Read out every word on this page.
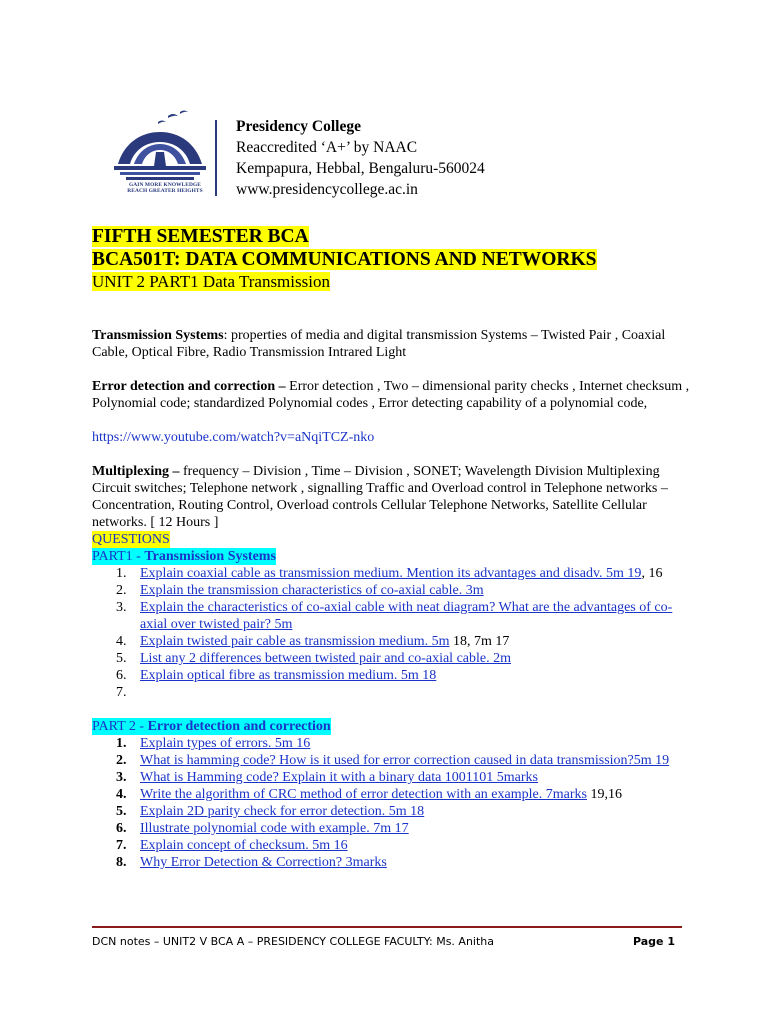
GAIN MORE KNOWLEDGE
REACH GREATER HEIGHTS
Presidency College
Reaccredited ‘A+’ by NAAC
Kempapura, Hebbal, Bengaluru-560024
www.presidencycollege.ac.in
FIFTH SEMESTER BCA
BCA501T: DATA COMMUNICATIONS AND NETWORKS
UNIT 2 PART1 Data Transmission

Transmission Systems: properties of media and digital transmission Systems – Twisted Pair , Coaxial Cable, Optical Fibre, Radio Transmission Intrared Light

Error detection and correction – Error detection , Two – dimensional parity checks , Internet checksum , Polynomial code; standardized Polynomial codes , Error detecting capability of a polynomial code,

https://www.youtube.com/watch?v=aNqiTCZ-nko

Multiplexing – frequency – Division , Time – Division , SONET; Wavelength Division Multiplexing Circuit switches; Telephone network , signalling Traffic and Overload control in Telephone networks – Concentration, Routing Control, Overload controls Cellular Telephone Networks, Satellite Cellular networks. [ 12 Hours ]

QUESTIONS
PART1 - Transmission Systems
1. Explain coaxial cable as transmission medium. Mention its advantages and disadv. 5m 19, 16
2. Explain the transmission characteristics of co-axial cable. 3m
3. Explain the characteristics of co-axial cable with neat diagram? What are the advantages of co-axial over twisted pair? 5m
4. Explain twisted pair cable as transmission medium. 5m 18, 7m 17
5. List any 2 differences between twisted pair and co-axial cable. 2m
6. Explain optical fibre as transmission medium. 5m 18
7.
PART 2 - Error detection and correction
1. Explain types of errors. 5m 16
2. What is hamming code? How is it used for error correction caused in data transmission?5m 19
3. What is Hamming code? Explain it with a binary data 1001101 5marks
4. Write the algorithm of CRC method of error detection with an example. 7marks 19,16
5. Explain 2D parity check for error detection. 5m 18
6. Illustrate polynomial code with example. 7m 17
7. Explain concept of checksum. 5m 16
8. Why Error Detection & Correction? 3marks
DCN notes – UNIT2 V BCA A – PRESIDENCY COLLEGE FACULTY: Ms. Anitha	Page 1
